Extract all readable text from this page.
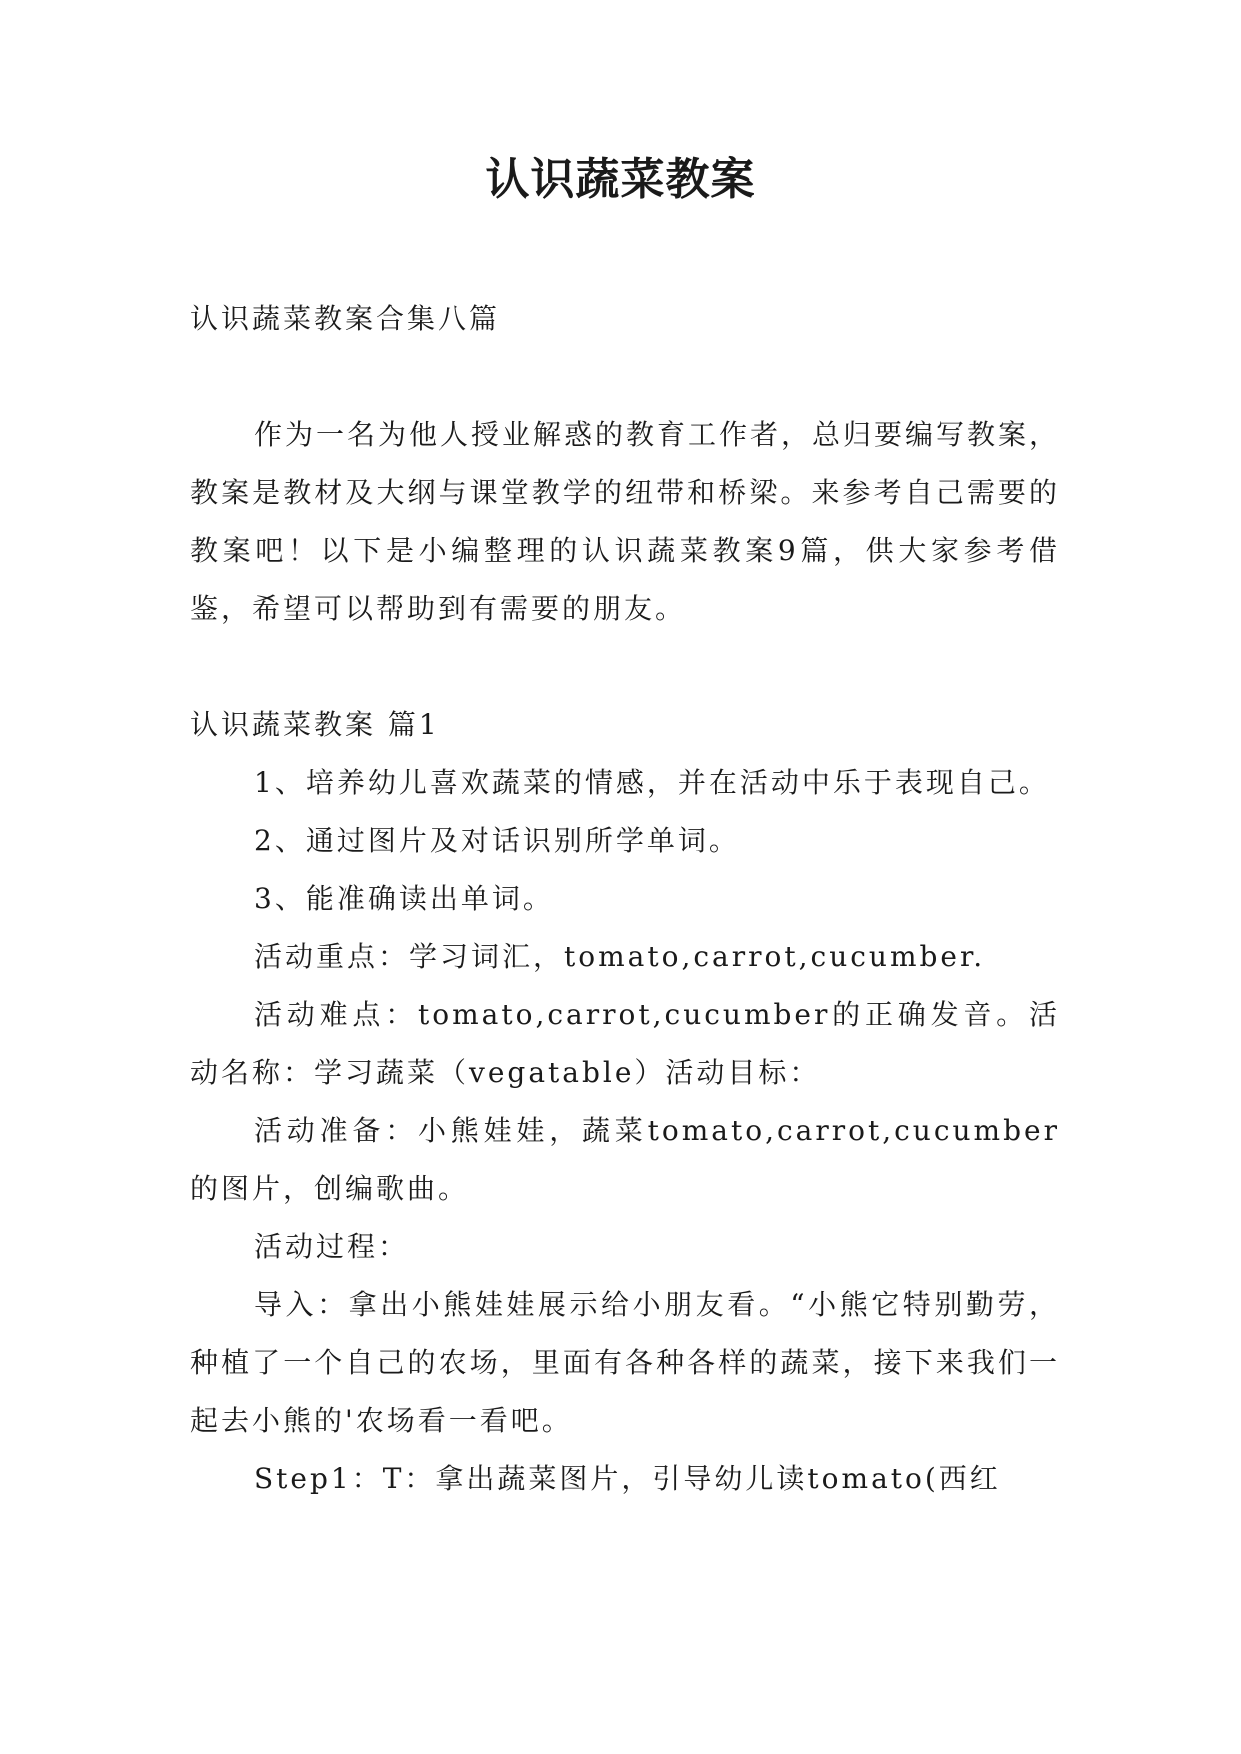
认识蔬菜教案

认识蔬菜教案合集八篇

作为一名为他人授业解惑的教育工作者，总归要编写教案，教案是教材及大纲与课堂教学的纽带和桥梁。来参考自己需要的教案吧！以下是小编整理的认识蔬菜教案9篇，供大家参考借鉴，希望可以帮助到有需要的朋友。

认识蔬菜教案 篇1

1、培养幼儿喜欢蔬菜的情感，并在活动中乐于表现自己。

2、通过图片及对话识别所学单词。

3、能准确读出单词。

活动重点：学习词汇，tomato,carrot,cucumber.

活动难点：tomato,carrot,cucumber的正确发音。活动名称：学习蔬菜（vegatable）活动目标：

活动准备：小熊娃娃，蔬菜tomato,carrot,cucumber的图片，创编歌曲。

活动过程：

导入：拿出小熊娃娃展示给小朋友看。“小熊它特别勤劳，种植了一个自己的农场，里面有各种各样的蔬菜，接下来我们一起去小熊的'农场看一看吧。

Step1：T：拿出蔬菜图片，引导幼儿读tomato(西红
